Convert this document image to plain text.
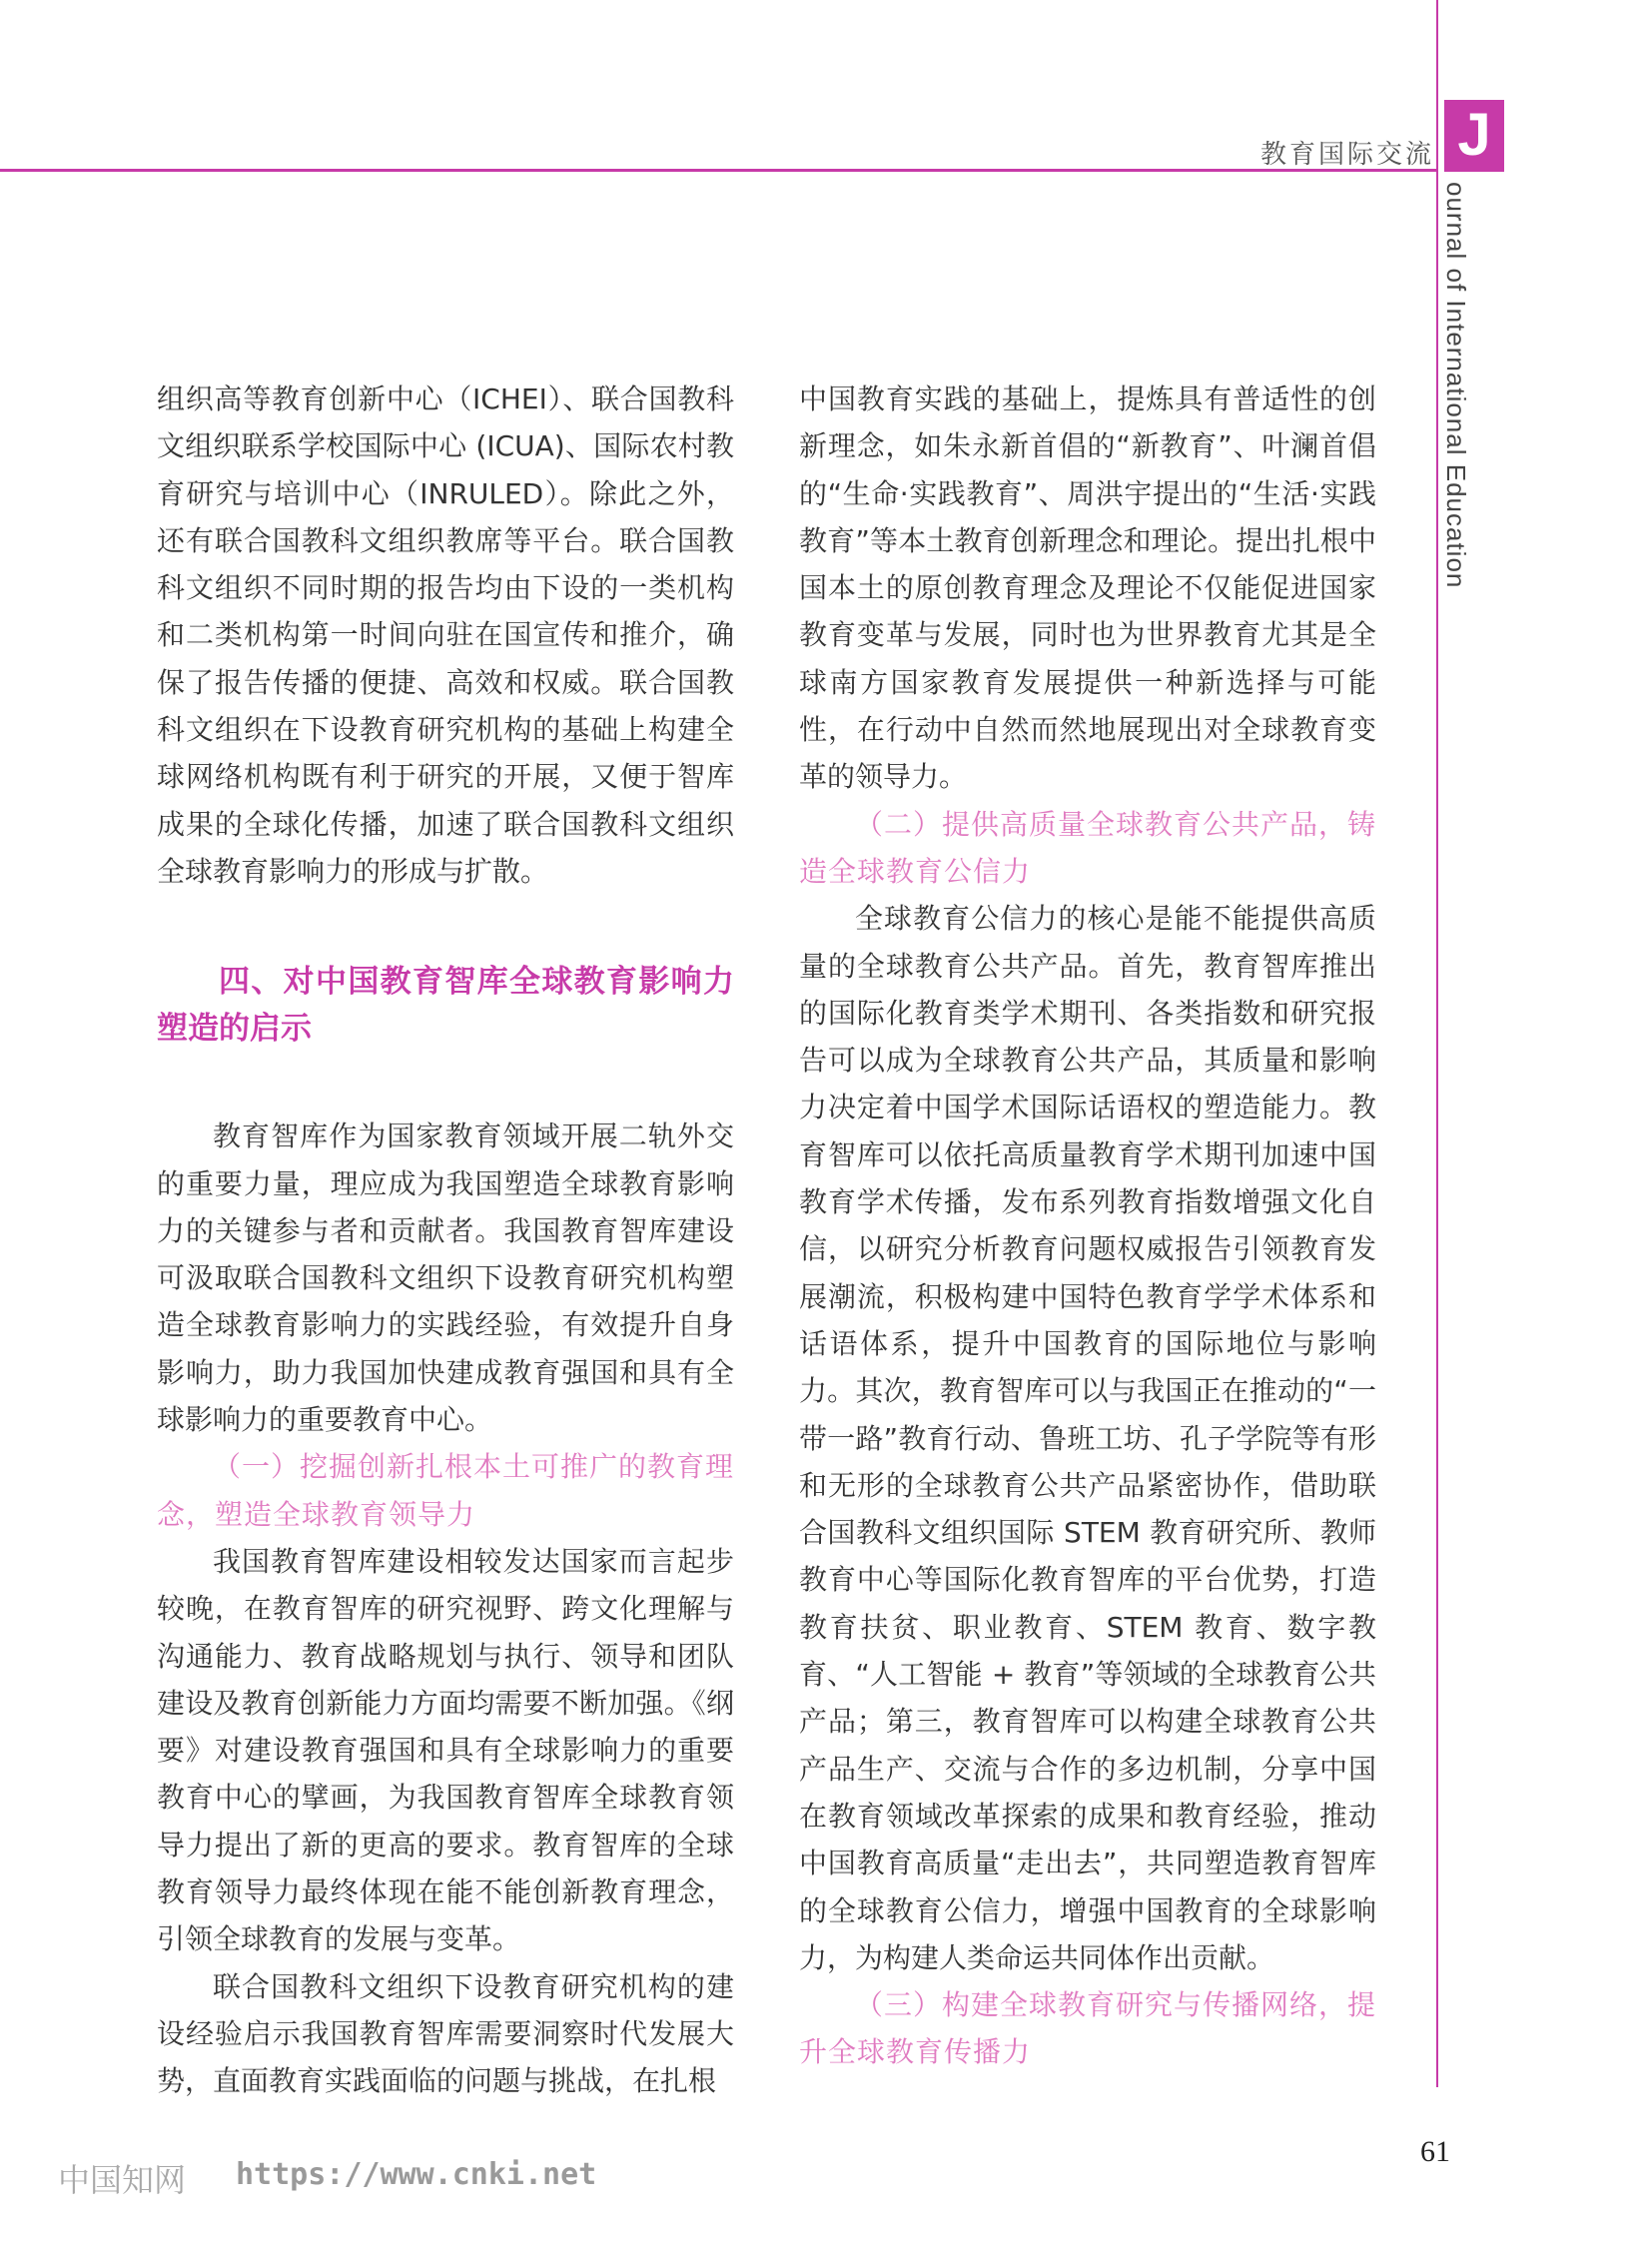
教育国际交流 J
ournal of International Education

组织高等教育创新中心（ICHEI）、联合国教科文组织联系学校国际中心 (ICUA)、国际农村教育研究与培训中心（INRULED）。除此之外，还有联合国教科文组织教席等平台。联合国教科文组织不同时期的报告均由下设的一类机构和二类机构第一时间向驻在国宣传和推介，确保了报告传播的便捷、高效和权威。联合国教科文组织在下设教育研究机构的基础上构建全球网络机构既有利于研究的开展，又便于智库成果的全球化传播，加速了联合国教科文组织全球教育影响力的形成与扩散。

四、对中国教育智库全球教育影响力塑造的启示

教育智库作为国家教育领域开展二轨外交的重要力量，理应成为我国塑造全球教育影响力的关键参与者和贡献者。我国教育智库建设可汲取联合国教科文组织下设教育研究机构塑造全球教育影响力的实践经验，有效提升自身影响力，助力我国加快建成教育强国和具有全球影响力的重要教育中心。

（一）挖掘创新扎根本土可推广的教育理念，塑造全球教育领导力

我国教育智库建设相较发达国家而言起步较晚，在教育智库的研究视野、跨文化理解与沟通能力、教育战略规划与执行、领导和团队建设及教育创新能力方面均需要不断加强。《纲要》对建设教育强国和具有全球影响力的重要教育中心的擘画，为我国教育智库全球教育领导力提出了新的更高的要求。教育智库的全球教育领导力最终体现在能不能创新教育理念，引领全球教育的发展与变革。

联合国教科文组织下设教育研究机构的建设经验启示我国教育智库需要洞察时代发展大势，直面教育实践面临的问题与挑战，在扎根

中国教育实践的基础上，提炼具有普适性的创新理念，如朱永新首倡的“新教育”、叶澜首倡的“生命·实践教育”、周洪宇提出的“生活·实践教育”等本土教育创新理念和理论。提出扎根中国本土的原创教育理念及理论不仅能促进国家教育变革与发展，同时也为世界教育尤其是全球南方国家教育发展提供一种新选择与可能性，在行动中自然而然地展现出对全球教育变革的领导力。

（二）提供高质量全球教育公共产品，铸造全球教育公信力

全球教育公信力的核心是能不能提供高质量的全球教育公共产品。首先，教育智库推出的国际化教育类学术期刊、各类指数和研究报告可以成为全球教育公共产品，其质量和影响力决定着中国学术国际话语权的塑造能力。教育智库可以依托高质量教育学术期刊加速中国教育学术传播，发布系列教育指数增强文化自信，以研究分析教育问题权威报告引领教育发展潮流，积极构建中国特色教育学学术体系和话语体系，提升中国教育的国际地位与影响力。其次，教育智库可以与我国正在推动的“一带一路”教育行动、鲁班工坊、孔子学院等有形和无形的全球教育公共产品紧密协作，借助联合国教科文组织国际 STEM 教育研究所、教师教育中心等国际化教育智库的平台优势，打造教育扶贫、职业教育、STEM 教育、数字教育、“人工智能 + 教育”等领域的全球教育公共产品；第三，教育智库可以构建全球教育公共产品生产、交流与合作的多边机制，分享中国在教育领域改革探索的成果和教育经验，推动中国教育高质量“走出去”，共同塑造教育智库的全球教育公信力，增强中国教育的全球影响力，为构建人类命运共同体作出贡献。

（三）构建全球教育研究与传播网络，提升全球教育传播力

中国知网 https://www.cnki.net
61
